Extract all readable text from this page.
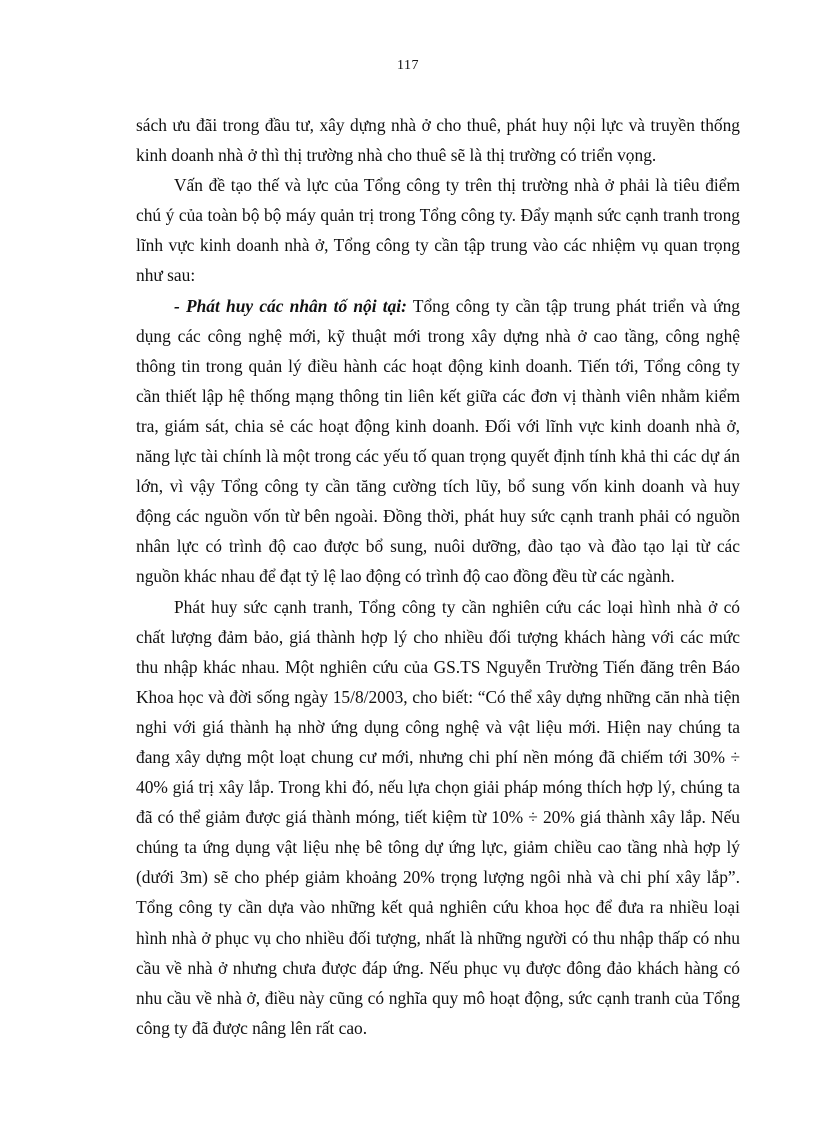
117

sách ưu đãi trong đầu tư, xây dựng nhà ở cho thuê, phát huy nội lực và truyền thống kinh doanh nhà ở thì thị trường nhà cho thuê sẽ là thị trường có triển vọng.

Vấn đề tạo thế và lực của Tổng công ty trên thị trường nhà ở phải là tiêu điểm chú ý của toàn bộ bộ máy quản trị trong Tổng công ty. Đẩy mạnh sức cạnh tranh trong lĩnh vực kinh doanh nhà ở, Tổng công ty cần tập trung vào các nhiệm vụ quan trọng như sau:

- Phát huy các nhân tố nội tại: Tổng công ty cần tập trung phát triển và ứng dụng các công nghệ mới, kỹ thuật mới trong xây dựng nhà ở cao tầng, công nghệ thông tin trong quản lý điều hành các hoạt động kinh doanh. Tiến tới, Tổng công ty cần thiết lập hệ thống mạng thông tin liên kết giữa các đơn vị thành viên nhằm kiểm tra, giám sát, chia sẻ các hoạt động kinh doanh. Đối với lĩnh vực kinh doanh nhà ở, năng lực tài chính là một trong các yếu tố quan trọng quyết định tính khả thi các dự án lớn, vì vậy Tổng công ty cần tăng cường tích lũy, bổ sung vốn kinh doanh và huy động các nguồn vốn từ bên ngoài. Đồng thời, phát huy sức cạnh tranh phải có nguồn nhân lực có trình độ cao được bổ sung, nuôi dưỡng, đào tạo và đào tạo lại từ các nguồn khác nhau để đạt tỷ lệ lao động có trình độ cao đồng đều từ các ngành.

Phát huy sức cạnh tranh, Tổng công ty cần nghiên cứu các loại hình nhà ở có chất lượng đảm bảo, giá thành hợp lý cho nhiều đối tượng khách hàng với các mức thu nhập khác nhau. Một nghiên cứu của GS.TS Nguyễn Trường Tiến đăng trên Báo Khoa học và đời sống ngày 15/8/2003, cho biết: “Có thể xây dựng những căn nhà tiện nghi với giá thành hạ nhờ ứng dụng công nghệ và vật liệu mới. Hiện nay chúng ta đang xây dựng một loạt chung cư mới, nhưng chi phí nền móng đã chiếm tới 30% ÷ 40% giá trị xây lắp. Trong khi đó, nếu lựa chọn giải pháp móng thích hợp lý, chúng ta đã có thể giảm được giá thành móng, tiết kiệm từ 10% ÷ 20% giá thành xây lắp. Nếu chúng ta ứng dụng vật liệu nhẹ bê tông dự ứng lực, giảm chiều cao tầng nhà hợp lý (dưới 3m) sẽ cho phép giảm khoảng 20% trọng lượng ngôi nhà và chi phí xây lắp”. Tổng công ty cần dựa vào những kết quả nghiên cứu khoa học để đưa ra nhiều loại hình nhà ở phục vụ cho nhiều đối tượng, nhất là những người có thu nhập thấp có nhu cầu về nhà ở nhưng chưa được đáp ứng. Nếu phục vụ được đông đảo khách hàng có nhu cầu về nhà ở, điều này cũng có nghĩa quy mô hoạt động, sức cạnh tranh của Tổng công ty đã được nâng lên rất cao.
